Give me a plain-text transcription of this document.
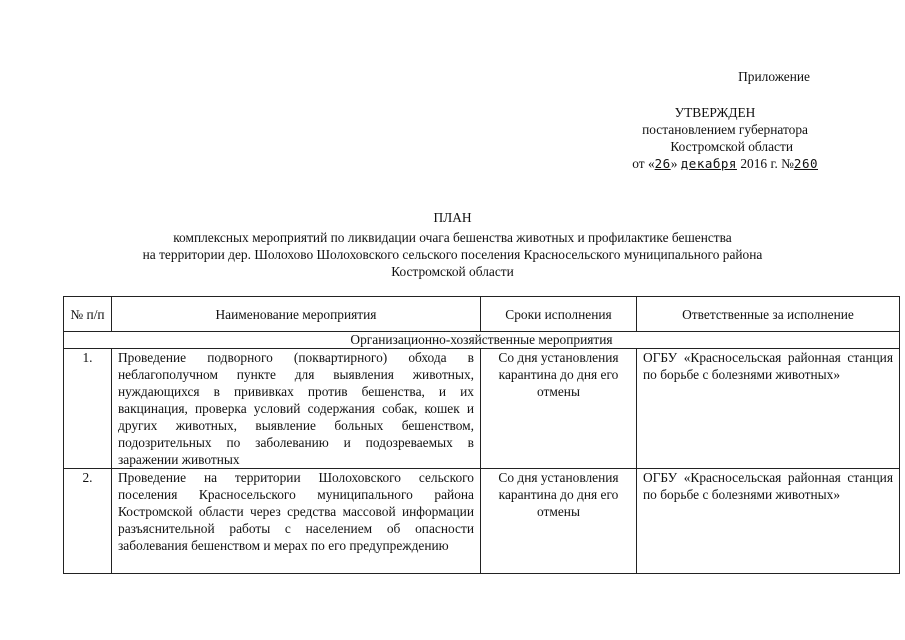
Приложение
УТВЕРЖДЕН
постановлением губернатора
Костромской области
от «26» декабря 2016 г. №260
ПЛАН
комплексных мероприятий по ликвидации очага бешенства животных и профилактике бешенства
на территории дер. Шолохово Шолоховского сельского поселения Красносельского муниципального района
Костромской области
№ п/п	Наименование мероприятия	Сроки исполнения	Ответственные за исполнение
Организационно-хозяйственные мероприятия			
1.	Проведение подворного (поквартирного) обхода в неблагополучном пункте для выявления животных, нуждающихся в прививках против бешенства, и их вакцинация, проверка условий содержания собак, кошек и других животных, выявление больных бешенством, подозрительных по заболеванию и подозреваемых в заражении животных	Со дня установления карантина до дня его отмены	ОГБУ «Красносельская районная станция по борьбе с болезнями животных»
2.	Проведение на территории Шолоховского сельского поселения Красносельского муниципального района Костромской области через средства массовой информации разъяснительной работы с населением об опасности заболевания бешенством и мерах по его предупреждению	Со дня установления карантина до дня его отмены	ОГБУ «Красносельская районная станция по борьбе с болезнями животных»
